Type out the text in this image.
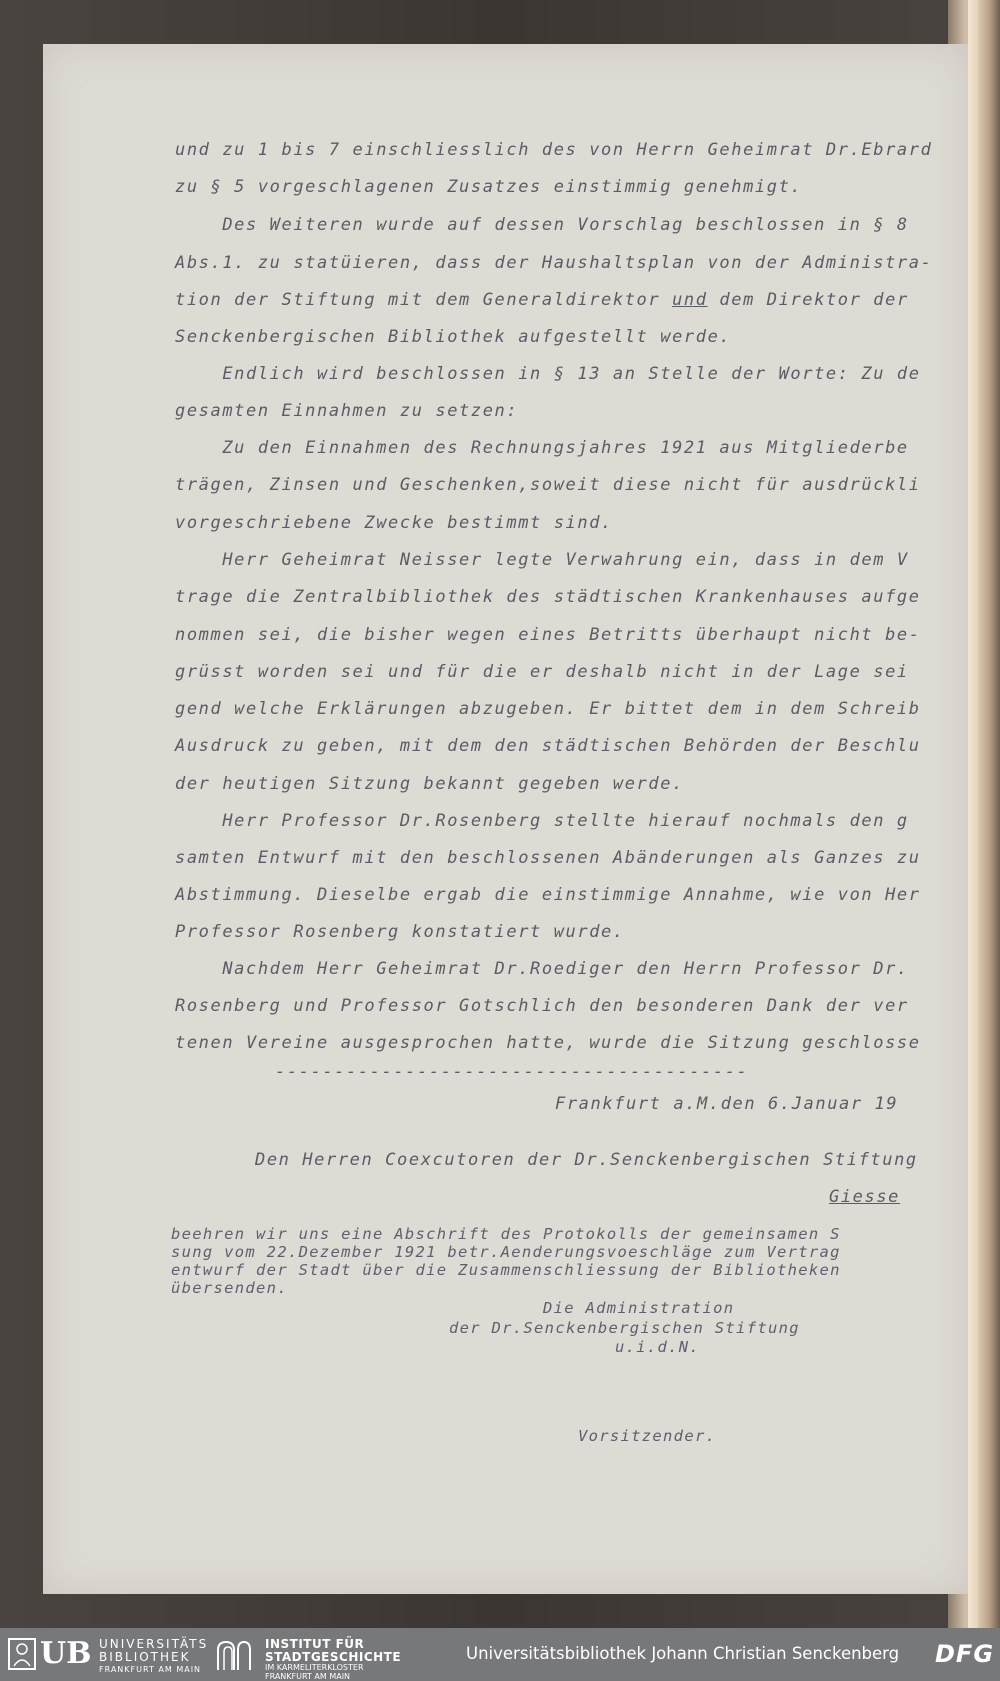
und zu 1 bis 7 einschliesslich des von Herrn Geheimrat Dr.Ebrard
zu § 5 vorgeschlagenen Zusatzes einstimmig genehmigt.
Des Weiteren wurde auf dessen Vorschlag beschlossen in § 8
Abs.1. zu statüieren, dass der Haushaltsplan von der Administra-
tion der Stiftung mit dem Generaldirektor und dem Direktor der
Senckenbergischen Bibliothek aufgestellt werde.
Endlich wird beschlossen in § 13 an Stelle der Worte: Zu de
gesamten Einnahmen zu setzen:
Zu den Einnahmen des Rechnungsjahres 1921 aus Mitgliederbe
trägen, Zinsen und Geschenken,soweit diese nicht für ausdrückli
vorgeschriebene Zwecke bestimmt sind.
Herr Geheimrat Neisser legte Verwahrung ein, dass in dem V
trage die Zentralbibliothek des städtischen Krankenhauses aufge
nommen sei, die bisher wegen eines Betritts überhaupt nicht be-
grüsst worden sei und für die er deshalb nicht in der Lage sei
gend welche Erklärungen abzugeben. Er bittet dem in dem Schreib
Ausdruck zu geben, mit dem den städtischen Behörden der Beschlu
der heutigen Sitzung bekannt gegeben werde.
Herr Professor Dr.Rosenberg stellte hierauf nochmals den g
samten Entwurf mit den beschlossenen Abänderungen als Ganzes zu
Abstimmung. Dieselbe ergab die einstimmige Annahme, wie von Her
Professor Rosenberg konstatiert wurde.
Nachdem Herr Geheimrat Dr.Roediger den Herrn Professor Dr.
Rosenberg und Professor Gotschlich den besonderen Dank der ver
tenen Vereine ausgesprochen hatte, wurde die Sitzung geschlosse
----------------------------------------
Frankfurt a.M.den 6.Januar 19
Den Herren Coexcutoren der Dr.Senckenbergischen Stiftung
Giesse
beehren wir uns eine Abschrift des Protokolls der gemeinsamen S
sung vom 22.Dezember 1921 betr.Aenderungsvoeschläge zum Vertrag
entwurf der Stadt über die Zusammenschliessung der Bibliotheken
übersenden.
Die Administration
der Dr.Senckenbergischen Stiftung
u.i.d.N.
Vorsitzender.
UB UNIVERSITÄTS
BIBLIOTHEK
FRANKFURT AM MAIN
INSTITUT FÜR
STADTGESCHICHTE
IM KARMELITERKLOSTER
FRANKFURT AM MAIN
Universitätsbibliothek Johann Christian Senckenberg DFG
